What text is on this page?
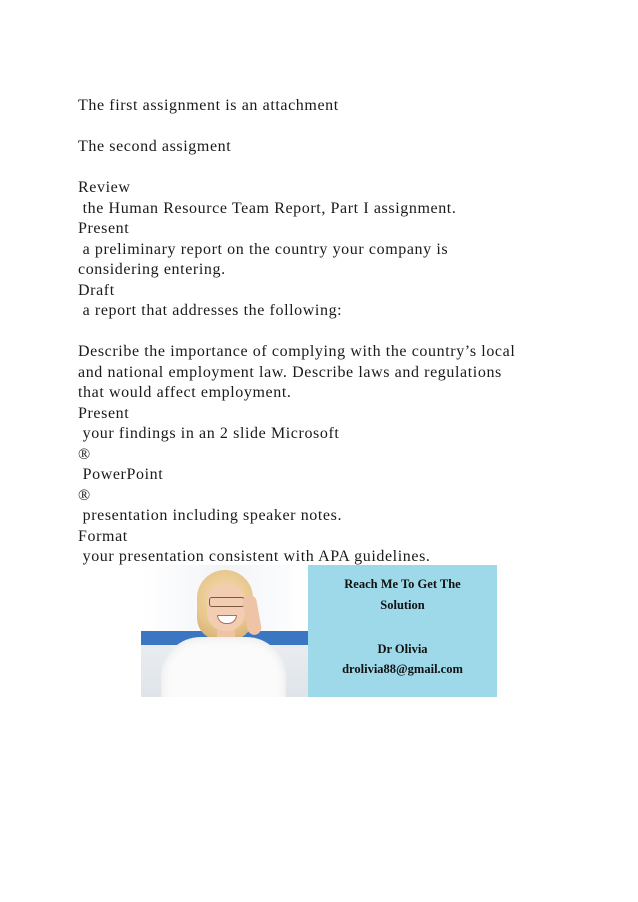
The first assignment is an attachment
The second assigment
Review
the Human Resource Team Report, Part I assignment.
Present
a preliminary report on the country your company is
considering entering.
Draft
a report that addresses the following:
Describe the importance of complying with the country’s local
and national employment law. Describe laws and regulations
that would affect employment.
Present
your findings in an 2 slide Microsoft
®
PowerPoint
®
presentation including speaker notes.
Format
your presentation consistent with APA guidelines.
Reach Me To Get The
Solution
Dr Olivia
drolivia88@gmail.com
